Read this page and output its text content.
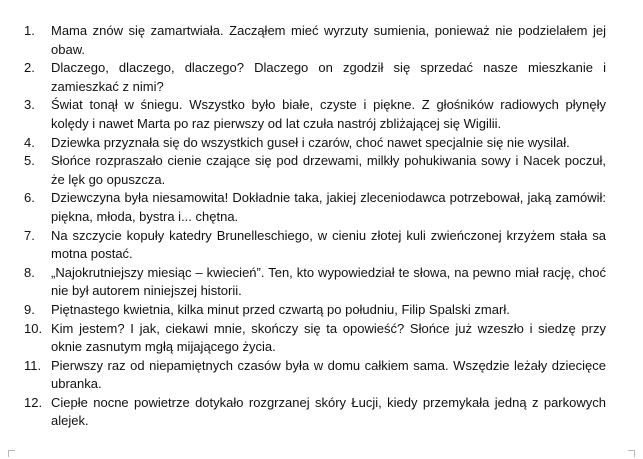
1.	Mama znów się zamartwiała. Zacząłem mieć wyrzuty sumienia, ponieważ nie podzielałem jej obaw.
2.	Dlaczego, dlaczego, dlaczego? Dlaczego on zgodził się sprzedać nasze mieszkanie i zamieszkać z nimi?
3.	Świat tonął w śniegu. Wszystko było białe, czyste i piękne. Z głośników radiowych płynęły kolędy i nawet Marta po raz pierwszy od lat czuła nastrój zbliżającej się Wigilii.
4.	Dziewka przyznała się do wszystkich guseł i czarów, choć nawet specjalnie się nie wysilał.
5.	Słońce rozpraszało cienie czające się pod drzewami, milkły pohukiwania sowy i Nacek poczuł, że lęk go opuszcza.
6.	Dziewczyna była niesamowita! Dokładnie taka, jakiej zleceniodawca potrzebował, jaką zamówił: piękna, młoda, bystra i... chętna.
7.	Na szczycie kopuły katedry Brunelleschiego, w cieniu złotej kuli zwieńczonej krzyżem stała sa motna postać.
8.	„Najokrutniejszy miesiąc – kwiecień”. Ten, kto wypowiedział te słowa, na pewno miał rację, choć nie był autorem niniejszej historii.
9.	Piętnastego kwietnia, kilka minut przed czwartą po południu, Filip Spalski zmarł.
10. Kim jestem? I jak, ciekawi mnie, skończy się ta opowieść? Słońce już wzeszło i siedzę przy oknie zasnutym mgłą mijającego życia.
11. Pierwszy raz od niepamiętnych czasów była w domu całkiem sama. Wszędzie leżały dziecięce ubranka.
12. Ciepłe nocne powietrze dotykało rozgrzanej skóry Łucji, kiedy przemykała jedną z parkowych alejek.
